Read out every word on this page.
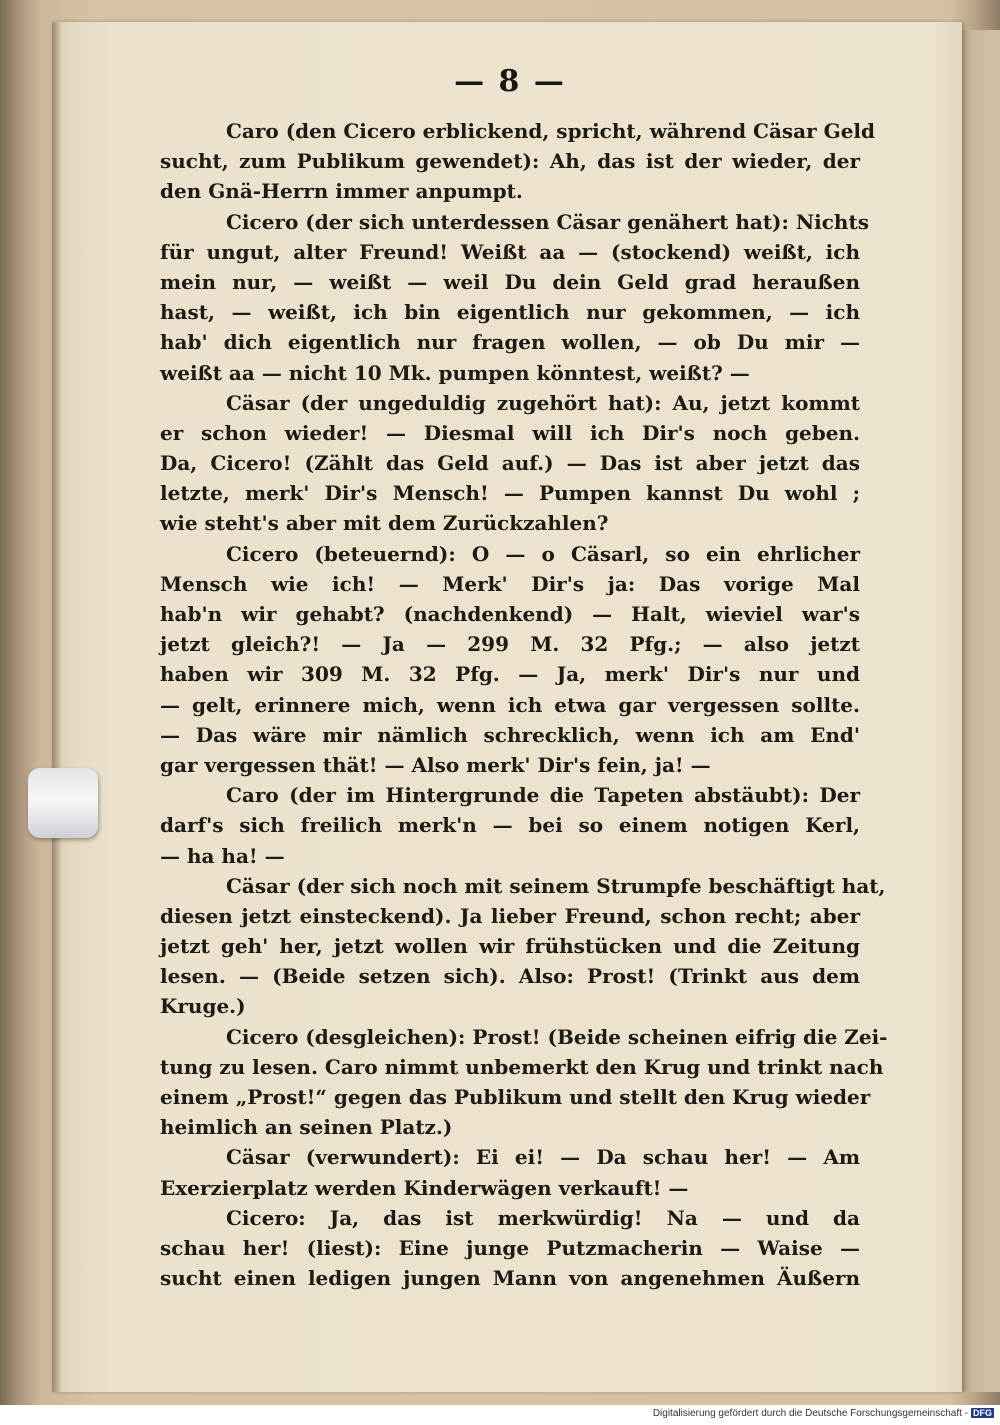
— 8 —
Caro (den Cicero erblickend, spricht, während Cäsar Geld
sucht, zum Publikum gewendet): Ah, das ist der wieder, der
den Gnä-Herrn immer anpumpt.
Cicero (der sich unterdessen Cäsar genähert hat): Nichts
für ungut, alter Freund! Weißt aa — (stockend) weißt, ich
mein nur, — weißt — weil Du dein Geld grad heraußen
hast, — weißt, ich bin eigentlich nur gekommen, — ich
hab' dich eigentlich nur fragen wollen, — ob Du mir —
weißt aa — nicht 10 Mk. pumpen könntest, weißt? —
Cäsar (der ungeduldig zugehört hat): Au, jetzt kommt
er schon wieder! — Diesmal will ich Dir's noch geben.
Da, Cicero! (Zählt das Geld auf.) — Das ist aber jetzt das
letzte, merk' Dir's Mensch! — Pumpen kannst Du wohl ;
wie steht's aber mit dem Zurückzahlen?
Cicero (beteuernd): O — o Cäsarl, so ein ehrlicher
Mensch wie ich! — Merk' Dir's ja: Das vorige Mal
hab'n wir gehabt? (nachdenkend) — Halt, wieviel war's
jetzt gleich?! — Ja — 299 M. 32 Pfg.; — also jetzt
haben wir 309 M. 32 Pfg. — Ja, merk' Dir's nur und
— gelt, erinnere mich, wenn ich etwa gar vergessen sollte.
— Das wäre mir nämlich schrecklich, wenn ich am End'
gar vergessen thät! — Also merk' Dir's fein, ja! —
Caro (der im Hintergrunde die Tapeten abstäubt): Der
darf's sich freilich merk'n — bei so einem notigen Kerl,
— ha ha! —
Cäsar (der sich noch mit seinem Strumpfe beschäftigt hat,
diesen jetzt einsteckend). Ja lieber Freund, schon recht; aber
jetzt geh' her, jetzt wollen wir frühstücken und die Zeitung
lesen. — (Beide setzen sich). Also: Prost! (Trinkt aus dem
Kruge.)
Cicero (desgleichen): Prost! (Beide scheinen eifrig die Zei-
tung zu lesen. Caro nimmt unbemerkt den Krug und trinkt nach
einem „Prost!“ gegen das Publikum und stellt den Krug wieder
heimlich an seinen Platz.)
Cäsar (verwundert): Ei ei! — Da schau her! — Am
Exerzierplatz werden Kinderwägen verkauft! —
Cicero: Ja, das ist merkwürdig! Na — und da
schau her! (liest): Eine junge Putzmacherin — Waise —
sucht einen ledigen jungen Mann von angenehmen Äußern
Digitalisierung gefördert durch die Deutsche Forschungsgemeinschaft - DFG
